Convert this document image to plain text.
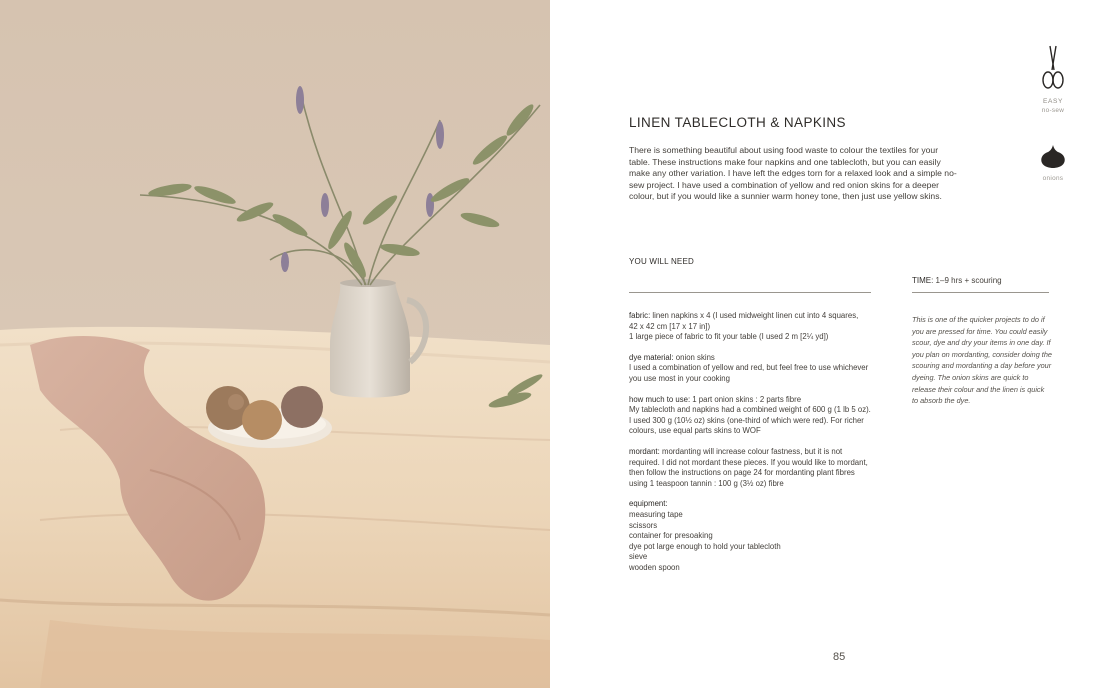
LINEN TABLECLOTH & NAPKINS
There is something beautiful about using food waste to colour the textiles for your table. These instructions make four napkins and one tablecloth, but you can easily make any other variation. I have left the edges torn for a relaxed look and a simple no-sew project. I have used a combination of yellow and red onion skins for a deeper colour, but if you would like a sunnier warm honey tone, then just use yellow skins.
EASY
no-sew
onions
YOU WILL NEED
TIME: 1–9 hrs + scouring
fabric: linen napkins x 4 (I used midweight linen cut into 4 squares,
42 x 42 cm [17 x 17 in])
1 large piece of fabric to fit your table (I used 2 m [2¼ yd])
dye material: onion skins
I used a combination of yellow and red, but feel free to use whichever
you use most in your cooking
how much to use: 1 part onion skins : 2 parts fibre
My tablecloth and napkins had a combined weight of 600 g (1 lb 5 oz).
I used 300 g (10½ oz) skins (one-third of which were red). For richer
colours, use equal parts skins to WOF
mordant: mordanting will increase colour fastness, but it is not
required. I did not mordant these pieces. If you would like to mordant,
then follow the instructions on page 24 for mordanting plant fibres
using 1 teaspoon tannin : 100 g (3½ oz) fibre
equipment:
measuring tape
scissors
container for presoaking
dye pot large enough to hold your tablecloth
sieve
wooden spoon
This is one of the quicker projects to do if you are pressed for time. You could easily scour, dye and dry your items in one day. If you plan on mordanting, consider doing the scouring and mordanting a day before your dyeing. The onion skins are quick to release their colour and the linen is quick to absorb the dye.
85
